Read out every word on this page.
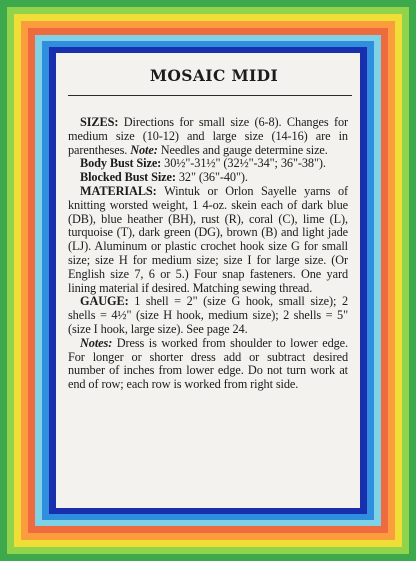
MOSAIC MIDI

SIZES: Directions for small size (6-8). Changes for medium size (10-12) and large size (14-16) are in parentheses. Note: Needles and gauge determine size.

Body Bust Size: 30½"-31½" (32½"-34"; 36"-38").

Blocked Bust Size: 32" (36"-40").

MATERIALS: Wintuk or Orlon Sayelle yarns of knitting worsted weight, 1 4-oz. skein each of dark blue (DB), blue heather (BH), rust (R), coral (C), lime (L), turquoise (T), dark green (DG), brown (B) and light jade (LJ). Aluminum or plastic crochet hook size G for small size; size H for medium size; size I for large size. (Or English size 7, 6 or 5.) Four snap fasteners. One yard lining material if desired. Matching sewing thread.

GAUGE: 1 shell = 2" (size G hook, small size); 2 shells = 4½" (size H hook, medium size); 2 shells = 5" (size I hook, large size). See page 24.

Notes: Dress is worked from shoulder to lower edge. For longer or shorter dress add or subtract desired number of inches from lower edge. Do not turn work at end of row; each row is worked from right side.
